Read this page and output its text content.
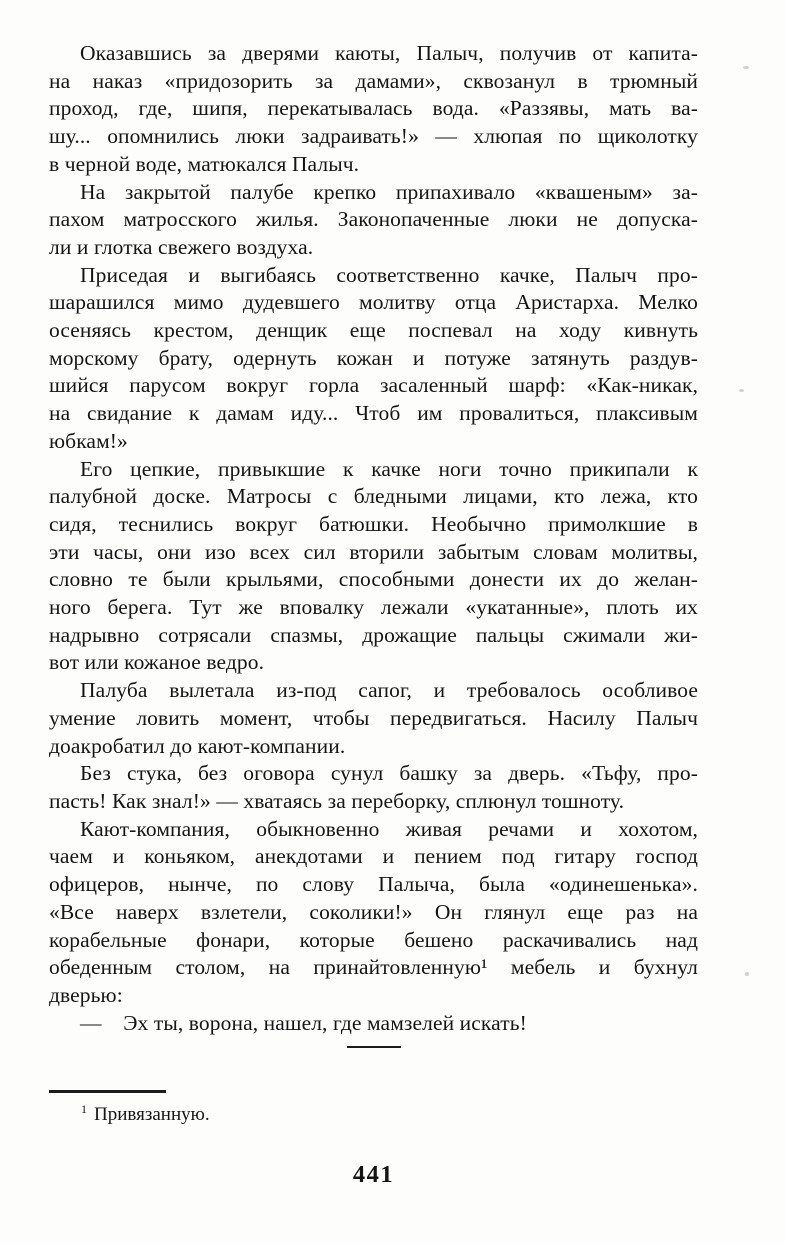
Оказавшись за дверями каюты, Палыч, получив от капита-
на наказ «придозорить за дамами», сквозанул в трюмный
проход, где, шипя, перекатывалась вода. «Раззявы, мать ва-
шу... опомнились люки задраивать!» — хлюпая по щиколотку
в черной воде, матюкался Палыч.
На закрытой палубе крепко припахивало «квашеным» за-
пахом матросского жилья. Законопаченные люки не допуска-
ли и глотка свежего воздуха.
Приседая и выгибаясь соответственно качке, Палыч про-
шарашился мимо дудевшего молитву отца Аристарха. Мелко
осеняясь крестом, денщик еще поспевал на ходу кивнуть
морскому брату, одернуть кожан и потуже затянуть раздув-
шийся парусом вокруг горла засаленный шарф: «Как-никак,
на свидание к дамам иду... Чтоб им провалиться, плаксивым
юбкам!»
Его цепкие, привыкшие к качке ноги точно прикипали к
палубной доске. Матросы с бледными лицами, кто лежа, кто
сидя, теснились вокруг батюшки. Необычно примолкшие в
эти часы, они изо всех сил вторили забытым словам молитвы,
словно те были крыльями, способными донести их до желан-
ного берега. Тут же вповалку лежали «укатанные», плоть их
надрывно сотрясали спазмы, дрожащие пальцы сжимали жи-
вот или кожаное ведро.
Палуба вылетала из-под сапог, и требовалось особливое
умение ловить момент, чтобы передвигаться. Насилу Палыч
доакробатил до кают-компании.
Без стука, без оговора сунул башку за дверь. «Тьфу, про-
пасть! Как знал!» — хватаясь за переборку, сплюнул тошноту.
Кают-компания, обыкновенно живая речами и хохотом,
чаем и коньяком, анекдотами и пением под гитару господ
офицеров, нынче, по слову Палыча, была «одинешенька».
«Все наверх взлетели, соколики!» Он глянул еще раз на
корабельные фонари, которые бешено раскачивались над
обеденным столом, на принайтовленную¹ мебель и бухнул
дверью:
— Эх ты, ворона, нашел, где мамзелей искать!
$^1$ Привязанную.
441
